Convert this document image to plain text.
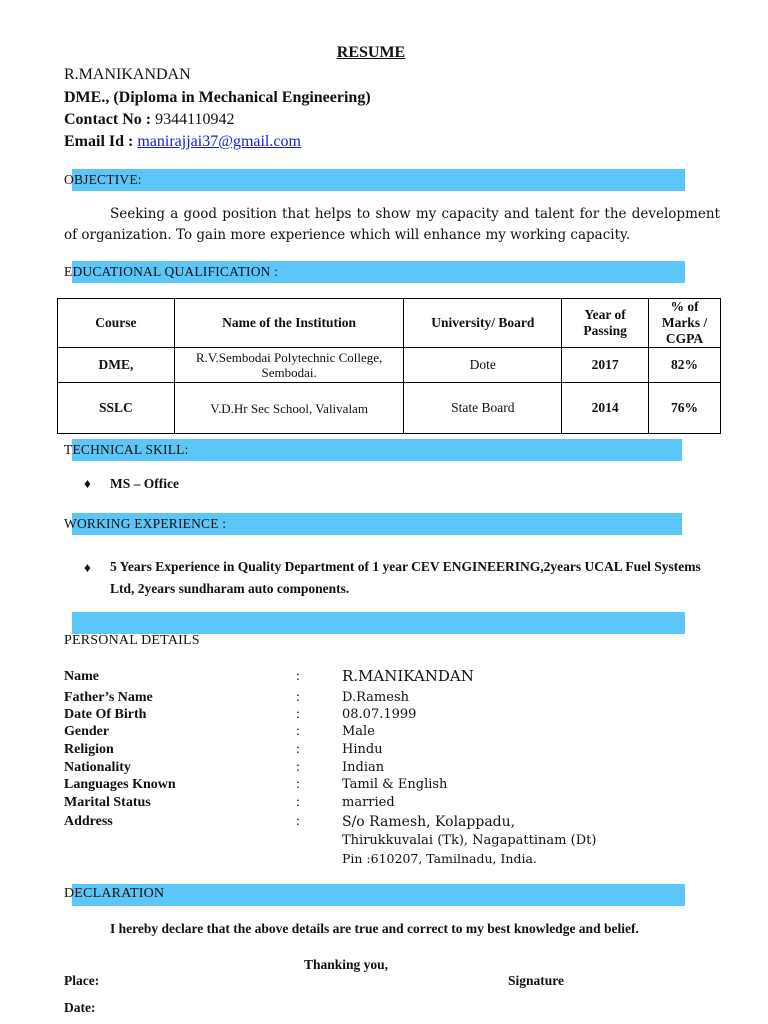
RESUME
R.MANIKANDAN
DME., (Diploma in Mechanical Engineering)
Contact No : 9344110942
Email Id : manirajjai37@gmail.com
OBJECTIVE:
Seeking a good position that helps to show my capacity and talent for the development of organization. To gain more experience which will enhance my working capacity.
EDUCATIONAL QUALIFICATION :
Course	Name of the Institution	University/ Board	Year of Passing	% of Marks / CGPA
DME,	R.V.Sembodai Polytechnic College, Sembodai.	Dote	2017	82%
SSLC	V.D.Hr Sec School, Valivalam	State Board	2014	76%
TECHNICAL SKILL:
♦ MS – Office
WORKING EXPERIENCE :
♦ 5 Years Experience in Quality Department of 1 year CEV ENGINEERING,2years UCAL Fuel Systems Ltd, 2years sundharam auto components.
PERSONAL DETAILS
Name	:	R.MANIKANDAN
Father’s Name	:	D.Ramesh
Date Of Birth	:	08.07.1999
Gender	:	Male
Religion	:	Hindu
Nationality	:	Indian
Languages Known	:	Tamil & English
Marital Status	:	married
Address	:	S/o Ramesh, Kolappadu,
Thirukkuvalai (Tk), Nagapattinam (Dt)
Pin :610207, Tamilnadu, India.
DECLARATION
I hereby declare that the above details are true and correct to my best knowledge and belief.
Thanking you,
Place:	Signature
Date:
